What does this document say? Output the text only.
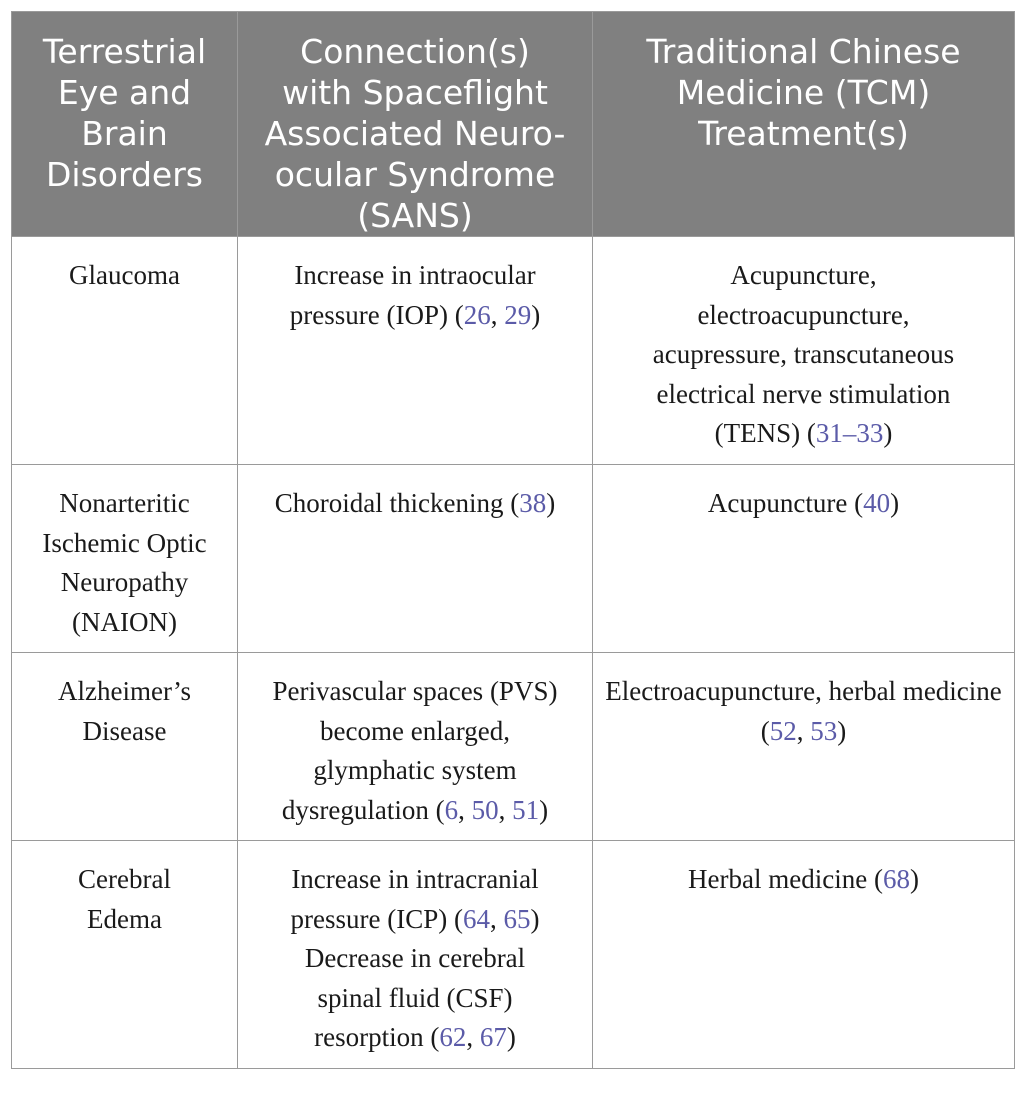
Terrestrial Eye and Brain Disorders	Connection(s) with Spaceflight Associated Neuro-ocular Syndrome (SANS)	Traditional Chinese Medicine (TCM) Treatment(s)
Glaucoma	Increase in intraocular pressure (IOP) (26, 29)	Acupuncture, electroacupuncture, acupressure, transcutaneous electrical nerve stimulation (TENS) (31–33)
Nonarteritic Ischemic Optic Neuropathy (NAION)	Choroidal thickening (38)	Acupuncture (40)
Alzheimer’s Disease	Perivascular spaces (PVS) become enlarged, glymphatic system dysregulation (6, 50, 51)	Electroacupuncture, herbal medicine (52, 53)
Cerebral Edema	Increase in intracranial pressure (ICP) (64, 65) Decrease in cerebral spinal fluid (CSF) resorption (62, 67)	Herbal medicine (68)
